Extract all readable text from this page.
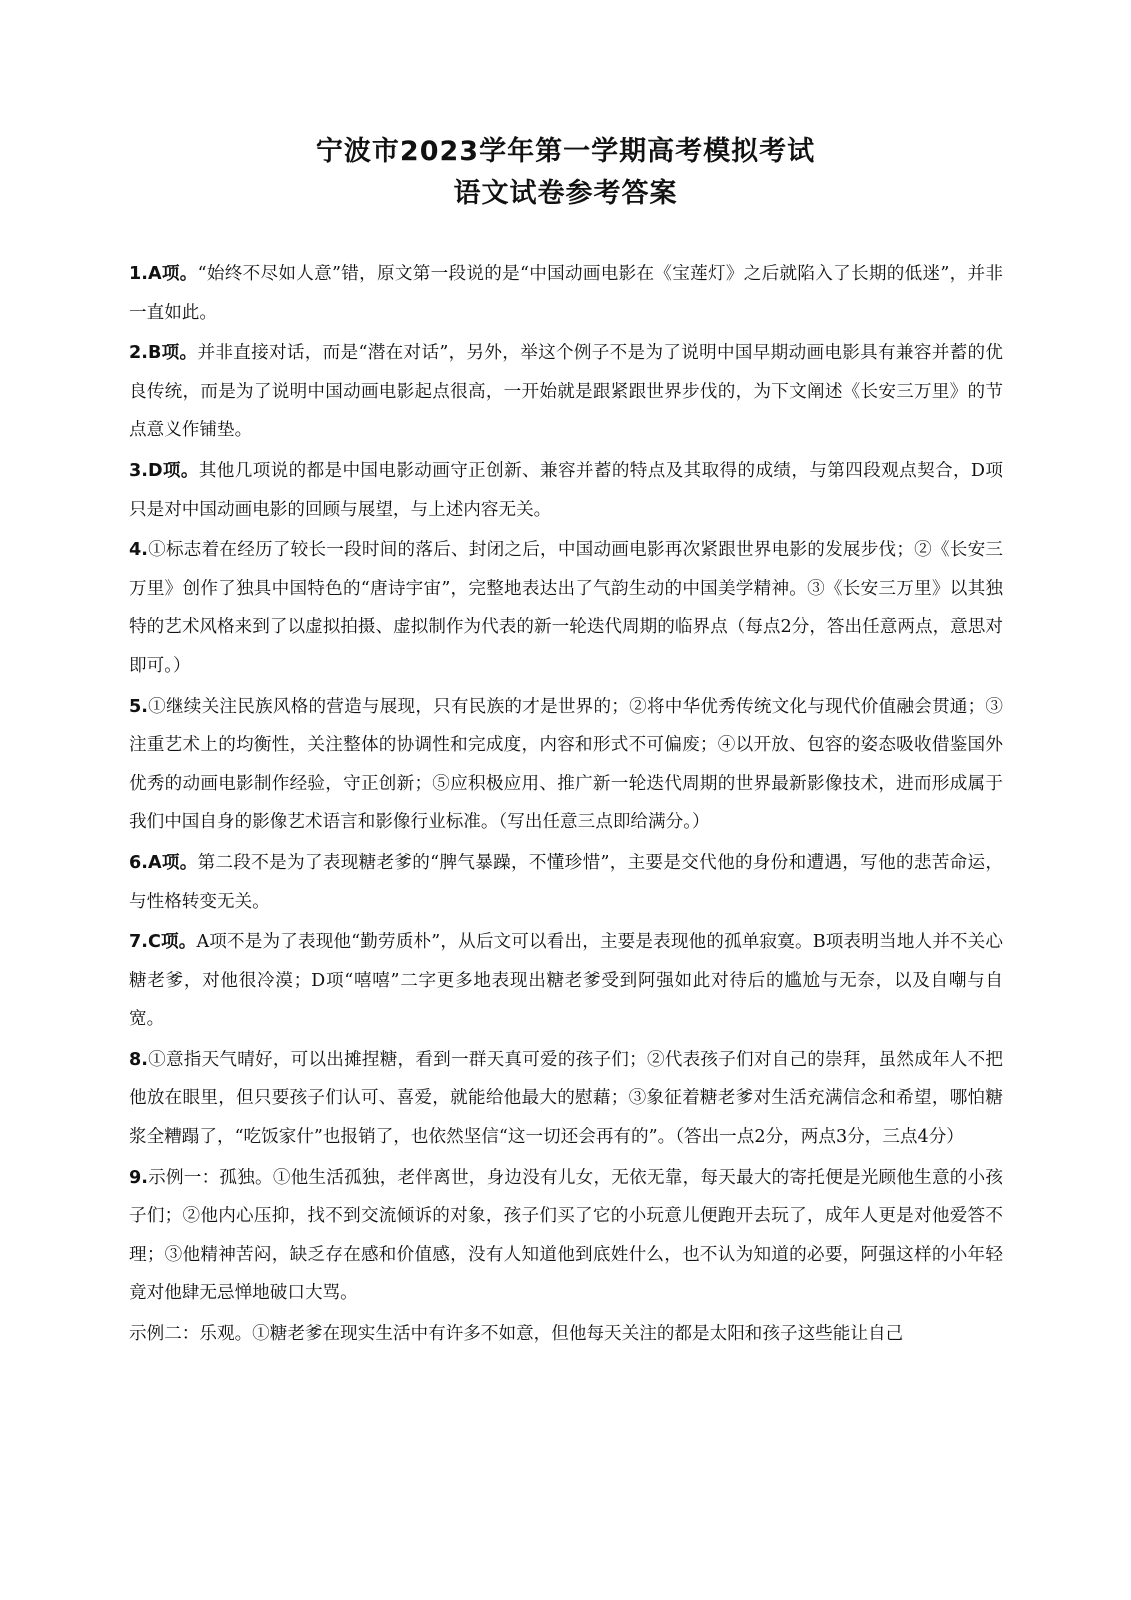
宁波市2023学年第一学期高考模拟考试
语文试卷参考答案

1.A项。“始终不尽如人意”错，原文第一段说的是“中国动画电影在《宝莲灯》之后就陷入了长期的低迷”，并非一直如此。

2.B项。并非直接对话，而是“潜在对话”，另外，举这个例子不是为了说明中国早期动画电影具有兼容并蓄的优良传统，而是为了说明中国动画电影起点很高，一开始就是跟紧跟世界步伐的，为下文阐述《长安三万里》的节点意义作铺垫。

3.D项。其他几项说的都是中国电影动画守正创新、兼容并蓄的特点及其取得的成绩，与第四段观点契合，D项只是对中国动画电影的回顾与展望，与上述内容无关。

4.①标志着在经历了较长一段时间的落后、封闭之后，中国动画电影再次紧跟世界电影的发展步伐；②《长安三万里》创作了独具中国特色的“唐诗宇宙”，完整地表达出了气韵生动的中国美学精神。③《长安三万里》以其独特的艺术风格来到了以虚拟拍摄、虚拟制作为代表的新一轮迭代周期的临界点（每点2分，答出任意两点，意思对即可。）

5.①继续关注民族风格的营造与展现，只有民族的才是世界的；②将中华优秀传统文化与现代价值融会贯通；③注重艺术上的均衡性，关注整体的协调性和完成度，内容和形式不可偏废；④以开放、包容的姿态吸收借鉴国外优秀的动画电影制作经验，守正创新；⑤应积极应用、推广新一轮迭代周期的世界最新影像技术，进而形成属于我们中国自身的影像艺术语言和影像行业标准。（写出任意三点即给满分。）

6.A项。第二段不是为了表现糖老爹的“脾气暴躁，不懂珍惜”，主要是交代他的身份和遭遇，写他的悲苦命运，与性格转变无关。

7.C项。A项不是为了表现他“勤劳质朴”，从后文可以看出，主要是表现他的孤单寂寞。B项表明当地人并不关心糖老爹，对他很冷漠；D项“嘻嘻”二字更多地表现出糖老爹受到阿强如此对待后的尴尬与无奈，以及自嘲与自宽。

8.①意指天气晴好，可以出摊捏糖，看到一群天真可爱的孩子们；②代表孩子们对自己的崇拜，虽然成年人不把他放在眼里，但只要孩子们认可、喜爱，就能给他最大的慰藉；③象征着糖老爹对生活充满信念和希望，哪怕糖浆全糟蹋了，“吃饭家什”也报销了，也依然坚信“这一切还会再有的”。（答出一点2分，两点3分，三点4分）

9.示例一：孤独。①他生活孤独，老伴离世，身边没有儿女，无依无靠，每天最大的寄托便是光顾他生意的小孩子们；②他内心压抑，找不到交流倾诉的对象，孩子们买了它的小玩意儿便跑开去玩了，成年人更是对他爱答不理；③他精神苦闷，缺乏存在感和价值感，没有人知道他到底姓什么，也不认为知道的必要，阿强这样的小年轻竟对他肆无忌惮地破口大骂。

示例二：乐观。①糖老爹在现实生活中有许多不如意，但他每天关注的都是太阳和孩子这些能让自己
